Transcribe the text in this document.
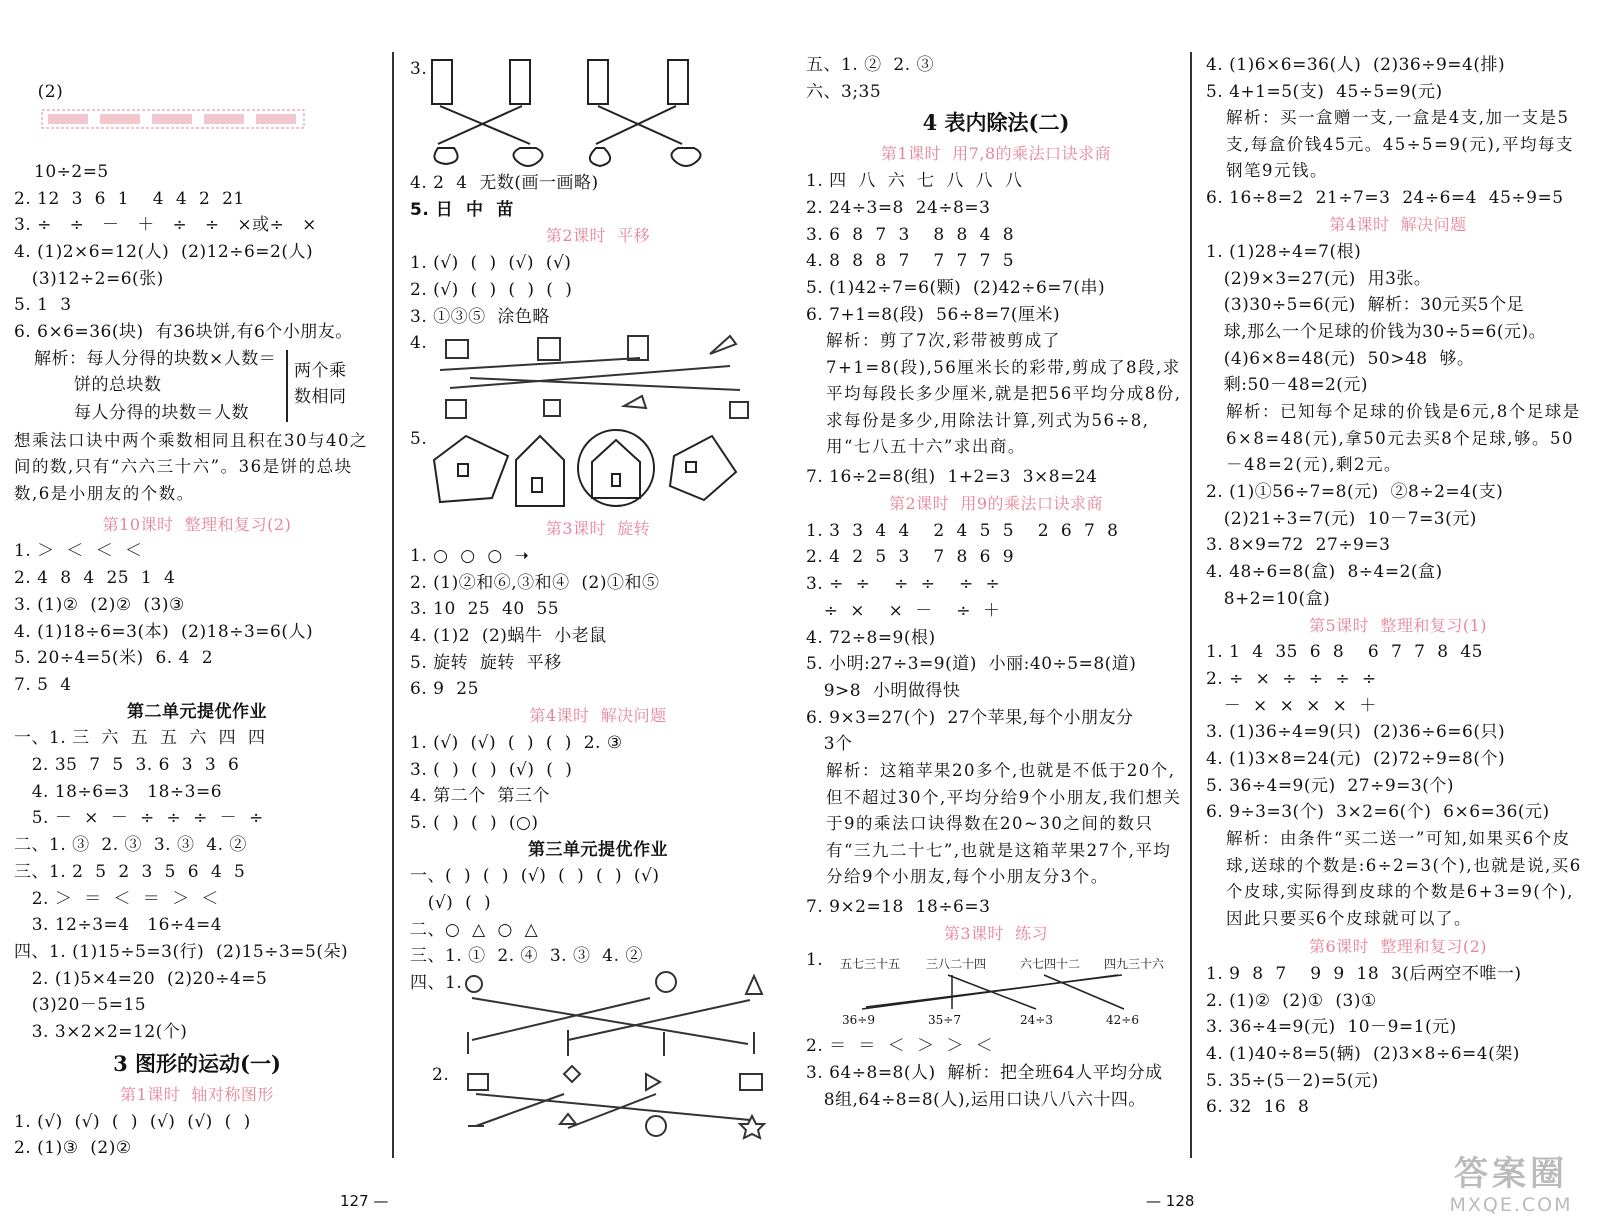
(2)

10÷2=5
2. 12  3  6  1    4  4  2  21
3. ÷   ÷   －   ＋   ÷   ÷   ×或÷   ×
4. (1)2×6=12(人)  (2)12÷6=2(人)
(3)12÷2=6(张)
5. 1  3
6. 6×6=36(块)  有36块饼,有6个小朋友。
解析：每人分得的块数×人数＝
饼的总块数
每人分得的块数＝人数
两个乘
数相同
想乘法口诀中两个乘数相同且积在30与40之间的数,只有“六六三十六”。36是饼的总块数,6是小朋友的个数。
第10课时  整理和复习(2)
1. ＞  ＜  ＜  ＜
2. 4  8  4  25  1  4
3. (1)②  (2)②  (3)③
4. (1)18÷6=3(本)  (2)18÷3=6(人)
5. 20÷4=5(米)  6. 4  2
7. 5  4
第二单元提优作业
一、1. 三  六  五  五  六  四  四
2. 35  7  5  3. 6  3  3  6
4. 18÷6=3   18÷3=6
5. －  ×  －  ÷  ÷  ÷  －  ÷
二、1. ③  2. ③  3. ③  4. ②
三、1. 2  5  2  3  5  6  4  5
2. ＞  ＝  ＜  ＝  ＞  ＜
3. 12÷3=4   16÷4=4
四、1. (1)15÷5=3(行)  (2)15÷3=5(朵)
2. (1)5×4=20  (2)20÷4=5
(3)20－5=15
3. 3×2×2=12(个)
3 图形的运动(一)
第1课时  轴对称图形
1. (√)  (√)  (  )  (√)  (√)  (  )
2. (1)③  (2)②
127 —
3.
4. 2  4  无数(画一画略)
5. 日  中  苗
第2课时  平移
1. (√)  (  )  (√)  (√)
2. (√)  (  )  (  )  (  )
3. ①③⑤  涂色略
4.
5.
第3课时  旋转
1. ○  ○  ○  ➝
2. (1)②和⑥,③和④  (2)①和⑤
3. 10  25  40  55
4. (1)2  (2)蜗牛  小老鼠
5. 旋转  旋转  平移
6. 9  25
第4课时  解决问题
1. (√)  (√)  (  )  (  )  2. ③
3. (  )  (  )  (√)  (  )
4. 第二个  第三个
5. (  )  (  )  (○)
第三单元提优作业
一、(  )  (  )  (√)  (  )  (  )  (√)
(√)  (  )
二、○  △  ○  △
三、1. ①  2. ④  3. ③  4. ②
四、1.
2.
五、1. ②  2. ③
六、3;35
4 表内除法(二)
第1课时  用7,8的乘法口诀求商
1. 四  八  六  七  八  八  八
2. 24÷3=8  24÷8=3
3. 6  8  7  3    8  8  4  8
4. 8  8  8  7    7  7  7  5
5. (1)42÷7=6(颗)  (2)42÷6=7(串)
6. 7+1=8(段)  56÷8=7(厘米)
解析：剪了7次,彩带被剪成了7+1=8(段),56厘米长的彩带,剪成了8段,求平均每段长多少厘米,就是把56平均分成8份,求每份是多少,用除法计算,列式为56÷8,用“七八五十六”求出商。
7. 16÷2=8(组)  1+2=3  3×8=24
第2课时  用9的乘法口诀求商
1. 3  3  4  4    2  4  5  5    2  6  7  8
2. 4  2  5  3    7  8  6  9
3. ÷  ÷    ÷  ÷    ÷  ÷
÷  ×    ×  －    ÷  ＋
4. 72÷8=9(根)
5. 小明:27÷3=9(道)  小丽:40÷5=8(道)
9>8  小明做得快
6. 9×3=27(个)  27个苹果,每个小朋友分
3个
解析：这箱苹果20多个,也就是不低于20个,但不超过30个,平均分给9个小朋友,我们想关于9的乘法口诀得数在20~30之间的数只有“三九二十七”,也就是这箱苹果27个,平均分给9个小朋友,每个小朋友分3个。
7. 9×2=18  18÷6=3
第3课时  练习
1. 五七三十五 三八二十四	六七四十二 四九三十六
36÷9	35÷7	24÷3	42÷6
2. ＝  ＝  ＜  ＞  ＞  ＜
3. 64÷8=8(人)  解析：把全班64人平均分成
8组,64÷8=8(人),运用口诀八八六十四。
4. (1)6×6=36(人)  (2)36÷9=4(排)
5. 4+1=5(支)  45÷5=9(元)
解析：买一盒赠一支,一盒是4支,加一支是5支,每盒价钱45元。45÷5=9(元),平均每支钢笔9元钱。
6. 16÷8=2  21÷7=3  24÷6=4  45÷9=5
第4课时  解决问题
1. (1)28÷4=7(根)
(2)9×3=27(元)  用3张。
(3)30÷5=6(元)  解析：30元买5个足
球,那么一个足球的价钱为30÷5=6(元)。
(4)6×8=48(元)  50>48  够。
剩:50－48=2(元)
解析：已知每个足球的价钱是6元,8个足球是6×8=48(元),拿50元去买8个足球,够。50－48=2(元),剩2元。
2. (1)①56÷7=8(元)  ②8÷2=4(支)
(2)21÷3=7(元)  10－7=3(元)
3. 8×9=72  27÷9=3
4. 48÷6=8(盒)  8÷4=2(盒)
8+2=10(盒)
第5课时  整理和复习(1)
1. 1  4  35  6  8    6  7  7  8  45
2. ÷  ×  ÷  ÷  ÷  ÷
－  ×  ×  ×  ×  ＋
3. (1)36÷4=9(只)  (2)36÷6=6(只)
4. (1)3×8=24(元)  (2)72÷9=8(个)
5. 36÷4=9(元)  27÷9=3(个)
6. 9÷3=3(个)  3×2=6(个)  6×6=36(元)
解析：由条件“买二送一”可知,如果买6个皮球,送球的个数是:6÷2=3(个),也就是说,买6个皮球,实际得到皮球的个数是6+3=9(个),因此只要买6个皮球就可以了。
第6课时  整理和复习(2)
1. 9  8  7    9  9  18  3(后两空不唯一)
2. (1)②  (2)①  (3)①
3. 36÷4=9(元)  10－9=1(元)
4. (1)40÷8=5(辆)  (2)3×8÷6=4(架)
5. 35÷(5－2)=5(元)
6. 32  16  8
— 128
答案圈
MXQE.COM
